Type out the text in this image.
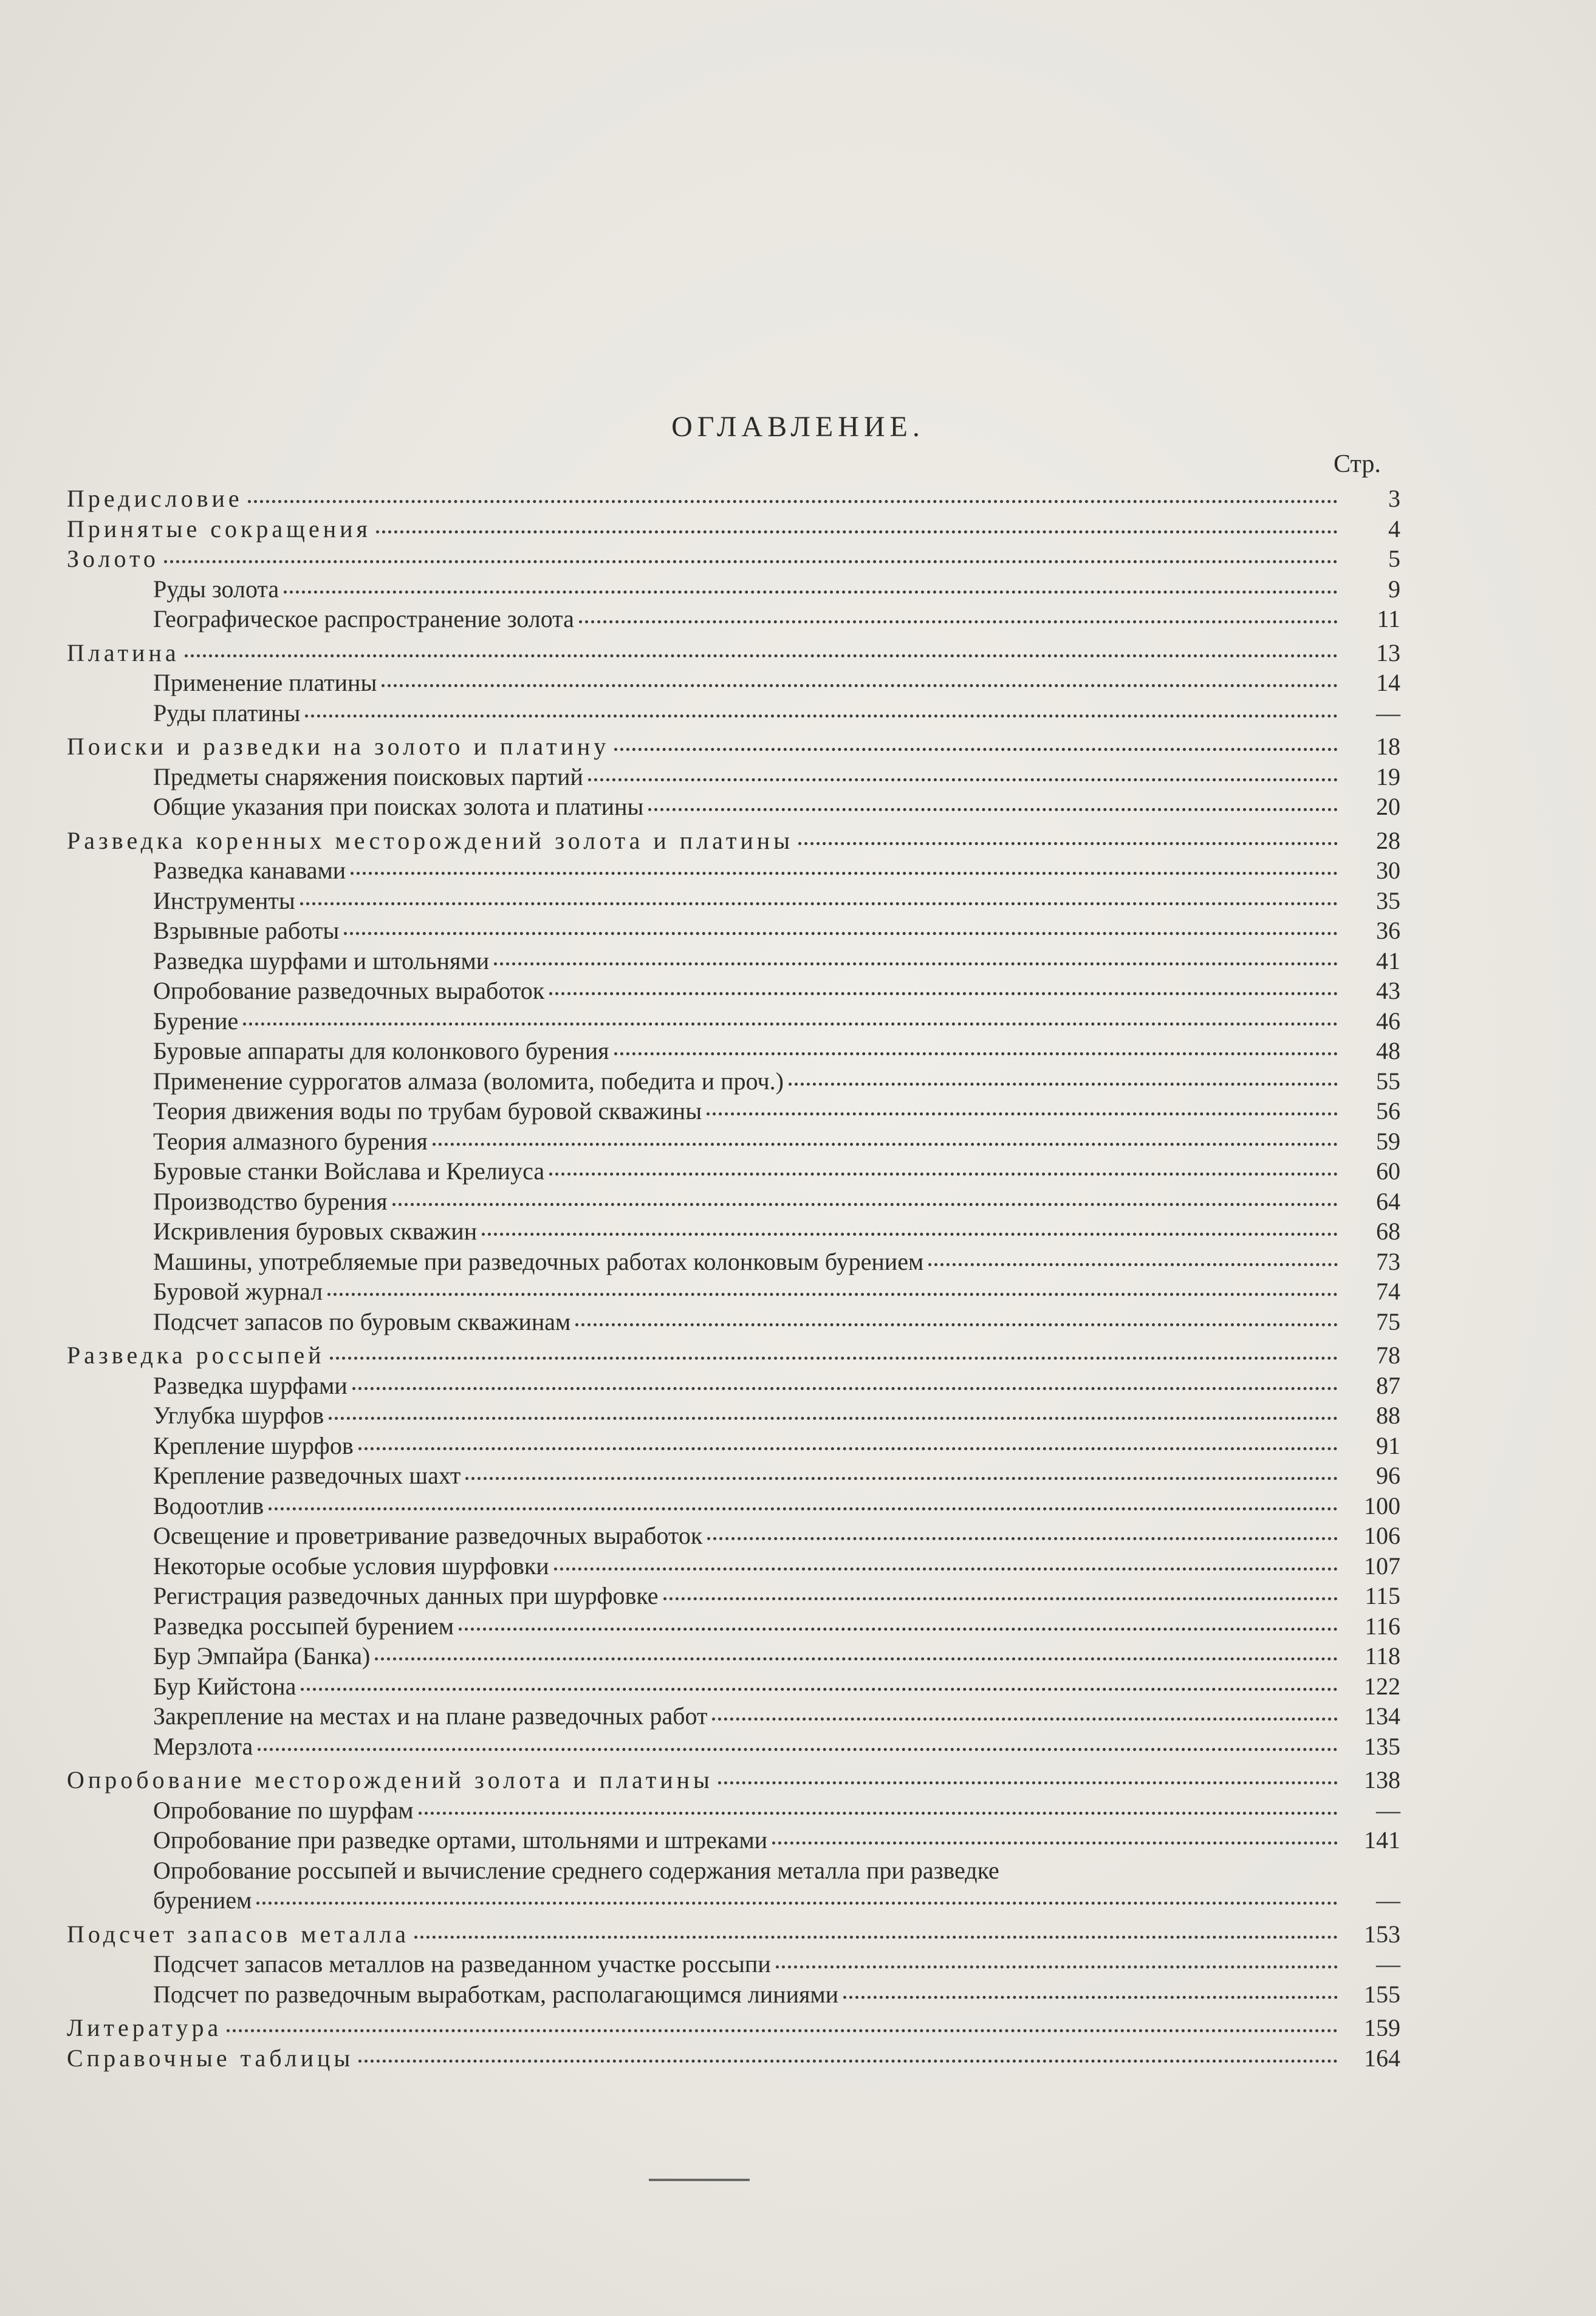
ОГЛАВЛЕНИЕ.
Стр.
Предисловие	3
Принятые сокращения	4
Золото	5
Руды золота	9
Географическое распространение золота	11
Платина	13
Применение платины	14
Руды платины	—
Поиски и разведки на золото и платину	18
Предметы снаряжения поисковых партий	19
Общие указания при поисках золота и платины	20
Разведка коренных месторождений золота и платины	28
Разведка канавами	30
Инструменты	35
Взрывные работы	36
Разведка шурфами и штольнями	41
Опробование разведочных выработок	43
Бурение	46
Буровые аппараты для колонкового бурения	48
Применение суррогатов алмаза (воломита, победита и проч.)	55
Теория движения воды по трубам буровой скважины	56
Теория алмазного бурения	59
Буровые станки Войслава и Крелиуса	60
Производство бурения	64
Искривления буровых скважин	68
Машины, употребляемые при разведочных работах колонковым бурением	73
Буровой журнал	74
Подсчет запасов по буровым скважинам	75
Разведка россыпей	78
Разведка шурфами	87
Углубка шурфов	88
Крепление шурфов	91
Крепление разведочных шахт	96
Водоотлив	100
Освещение и проветривание разведочных выработок	106
Некоторые особые условия шурфовки	107
Регистрация разведочных данных при шурфовке	115
Разведка россыпей бурением	116
Бур Эмпайра (Банка)	118
Бур Кийстона	122
Закрепление на местах и на плане разведочных работ	134
Мерзлота	135
Опробование месторождений золота и платины	138
Опробование по шурфам	—
Опробование при разведке ортами, штольнями и штреками	141
Опробование россыпей и вычисление среднего содержания металла при разведке
бурением	—
Подсчет запасов металла	153
Подсчет запасов металлов на разведанном участке россыпи	—
Подсчет по разведочным выработкам, располагающимся линиями	155
Литература	159
Справочные таблицы	164
